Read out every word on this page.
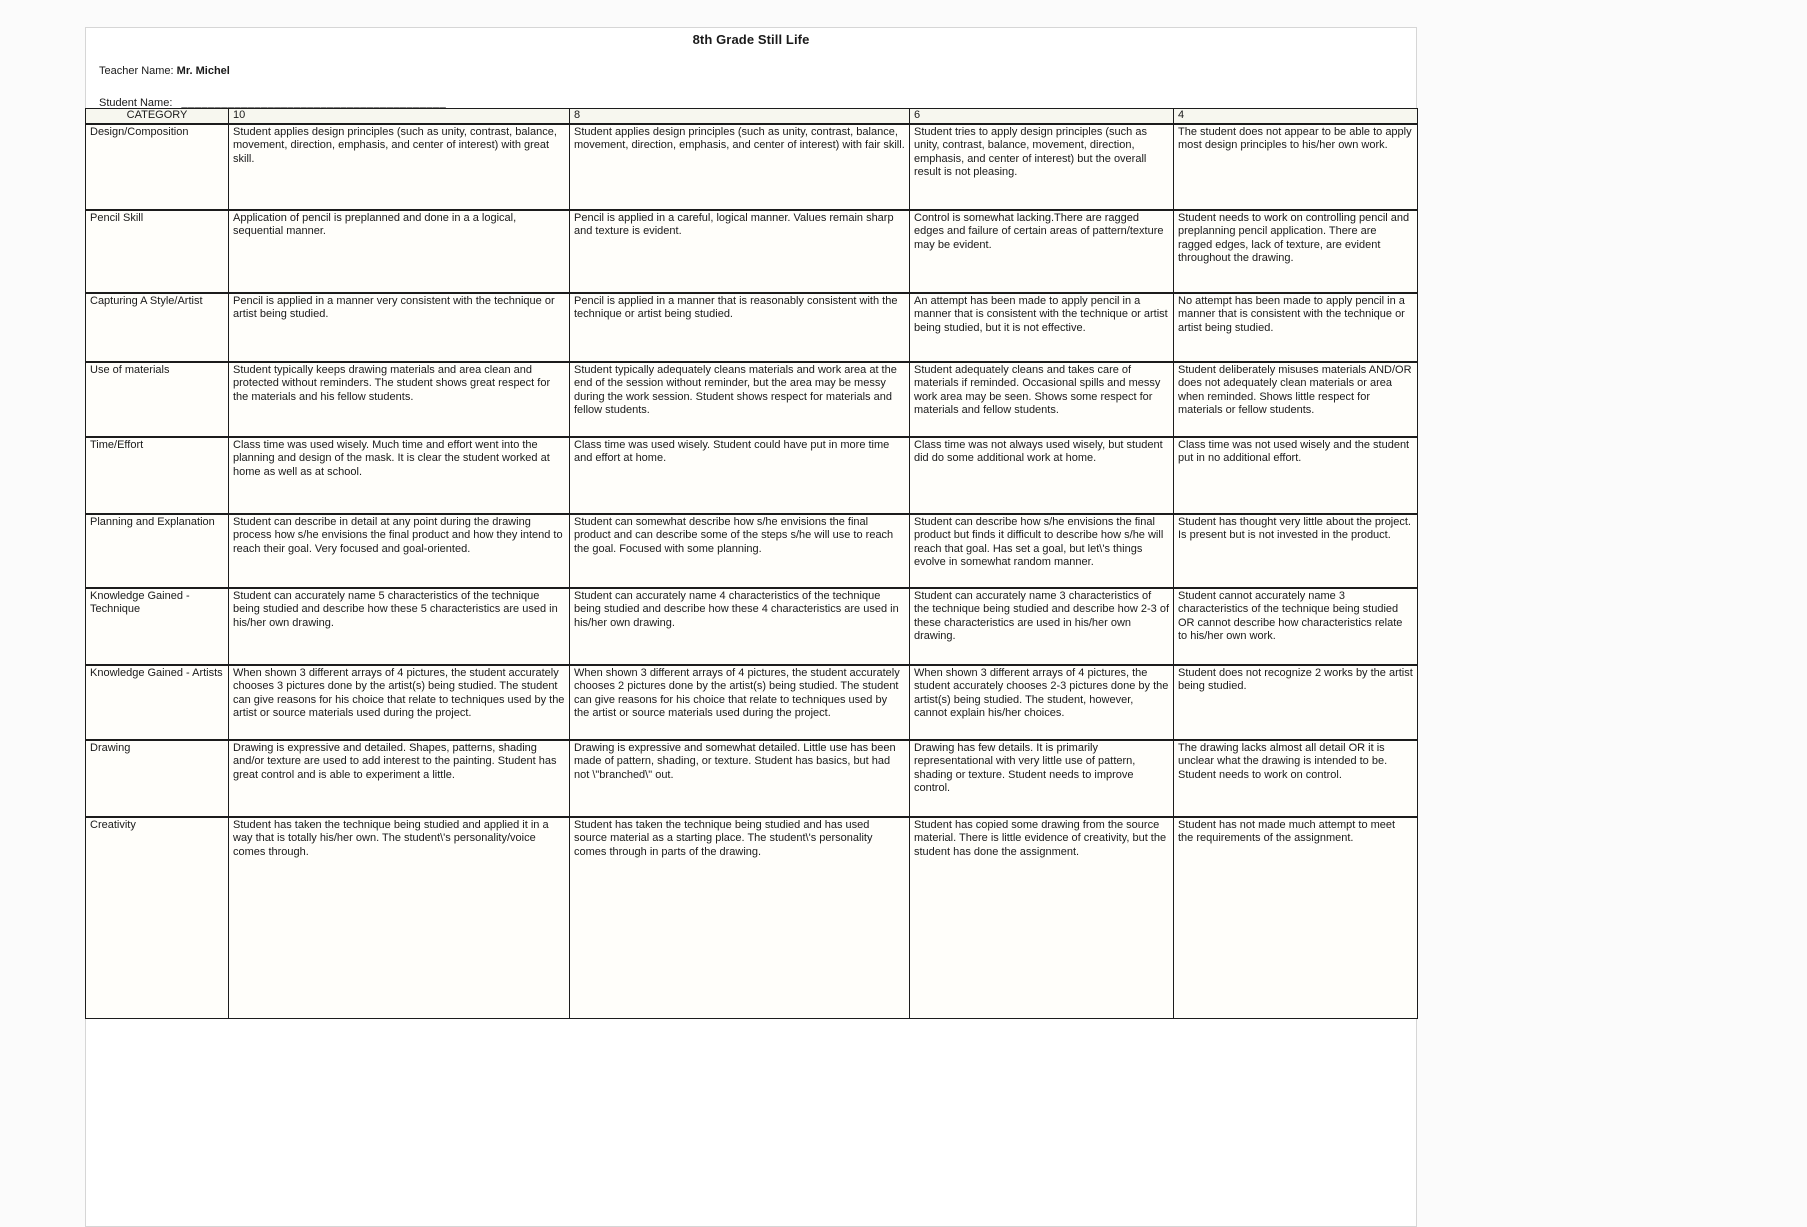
8th Grade Still Life
Teacher Name: Mr. Michel
Student Name: ________________________________________
CATEGORY	10	8	6	4
Design/Composition	Student applies design principles (such as unity, contrast, balance, movement, direction, emphasis, and center of interest) with great skill.	Student applies design principles (such as unity, contrast, balance, movement, direction, emphasis, and center of interest) with fair skill.	Student tries to apply design principles (such as unity, contrast, balance, movement, direction, emphasis, and center of interest) but the overall result is not pleasing.	The student does not appear to be able to apply most design principles to his/her own work.
Pencil Skill	Application of pencil is preplanned and done in a a logical, sequential manner.	Pencil is applied in a careful, logical manner. Values remain sharp and texture is evident.	Control is somewhat lacking.There are ragged edges and failure of certain areas of pattern/texture may be evident.	Student needs to work on controlling pencil and preplanning pencil application. There are ragged edges, lack of texture, are evident throughout the drawing.
Capturing A Style/Artist	Pencil is applied in a manner very consistent with the technique or artist being studied.	Pencil is applied in a manner that is reasonably consistent with the technique or artist being studied.	An attempt has been made to apply pencil in a manner that is consistent with the technique or artist being studied, but it is not effective.	No attempt has been made to apply pencil in a manner that is consistent with the technique or artist being studied.
Use of materials	Student typically keeps drawing materials and area clean and protected without reminders. The student shows great respect for the materials and his fellow students.	Student typically adequately cleans materials and work area at the end of the session without reminder, but the area may be messy during the work session. Student shows respect for materials and fellow students.	Student adequately cleans and takes care of materials if reminded. Occasional spills and messy work area may be seen. Shows some respect for materials and fellow students.	Student deliberately misuses materials AND/OR does not adequately clean materials or area when reminded. Shows little respect for materials or fellow students.
Time/Effort	Class time was used wisely. Much time and effort went into the planning and design of the mask. It is clear the student worked at home as well as at school.	Class time was used wisely. Student could have put in more time and effort at home.	Class time was not always used wisely, but student did do some additional work at home.	Class time was not used wisely and the student put in no additional effort.
Planning and Explanation	Student can describe in detail at any point during the drawing process how s/he envisions the final product and how they intend to reach their goal. Very focused and goal-oriented.	Student can somewhat describe how s/he envisions the final product and can describe some of the steps s/he will use to reach the goal. Focused with some planning.	Student can describe how s/he envisions the final product but finds it difficult to describe how s/he will reach that goal. Has set a goal, but let\'s things evolve in somewhat random manner.	Student has thought very little about the project. Is present but is not invested in the product.
Knowledge Gained - Technique	Student can accurately name 5 characteristics of the technique being studied and describe how these 5 characteristics are used in his/her own drawing.	Student can accurately name 4 characteristics of the technique being studied and describe how these 4 characteristics are used in his/her own drawing.	Student can accurately name 3 characteristics of the technique being studied and describe how 2-3 of these characteristics are used in his/her own drawing.	Student cannot accurately name 3 characteristics of the technique being studied OR cannot describe how characteristics relate to his/her own work.
Knowledge Gained - Artists	When shown 3 different arrays of 4 pictures, the student accurately chooses 3 pictures done by the artist(s) being studied. The student can give reasons for his choice that relate to techniques used by the artist or source materials used during the project.	When shown 3 different arrays of 4 pictures, the student accurately chooses 2 pictures done by the artist(s) being studied. The student can give reasons for his choice that relate to techniques used by the artist or source materials used during the project.	When shown 3 different arrays of 4 pictures, the student accurately chooses 2-3 pictures done by the artist(s) being studied. The student, however, cannot explain his/her choices.	Student does not recognize 2 works by the artist being studied.
Drawing	Drawing is expressive and detailed. Shapes, patterns, shading and/or texture are used to add interest to the painting. Student has great control and is able to experiment a little.	Drawing is expressive and somewhat detailed. Little use has been made of pattern, shading, or texture. Student has basics, but had not \"branched\" out.	Drawing has few details. It is primarily representational with very little use of pattern, shading or texture. Student needs to improve control.	The drawing lacks almost all detail OR it is unclear what the drawing is intended to be. Student needs to work on control.
Creativity	Student has taken the technique being studied and applied it in a way that is totally his/her own. The student\'s personality/voice comes through.	Student has taken the technique being studied and has used source material as a starting place. The student\'s personality comes through in parts of the drawing.	Student has copied some drawing from the source material. There is little evidence of creativity, but the student has done the assignment.	Student has not made much attempt to meet the requirements of the assignment.
